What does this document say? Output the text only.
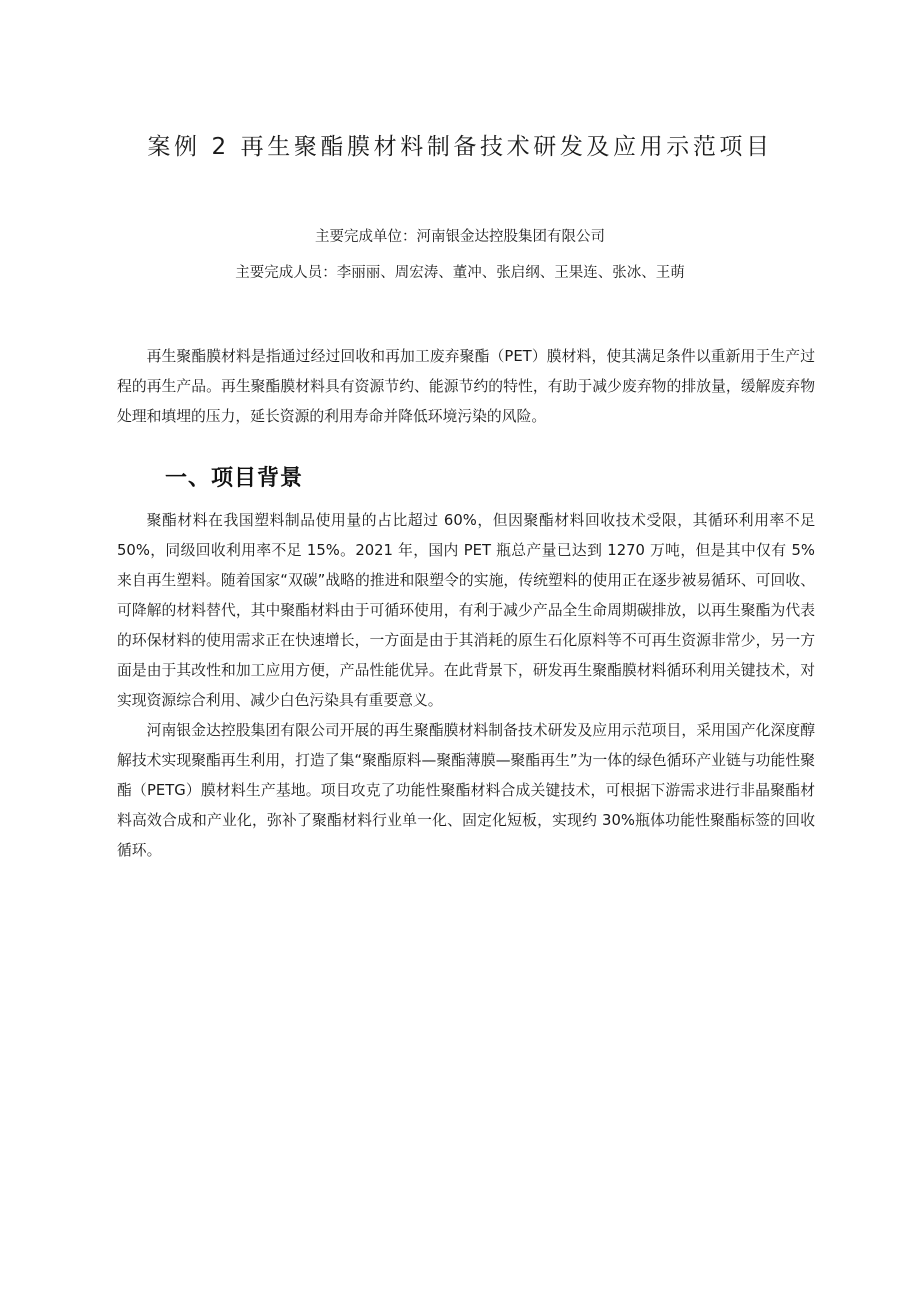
案例 2 再生聚酯膜材料制备技术研发及应用示范项目

主要完成单位：河南银金达控股集团有限公司

主要完成人员：李丽丽、周宏涛、董冲、张启纲、王果连、张冰、王萌

再生聚酯膜材料是指通过经过回收和再加工废弃聚酯（PET）膜材料，使其满足条件以重新用于生产过程的再生产品。再生聚酯膜材料具有资源节约、能源节约的特性，有助于减少废弃物的排放量，缓解废弃物处理和填埋的压力，延长资源的利用寿命并降低环境污染的风险。

一、项目背景

聚酯材料在我国塑料制品使用量的占比超过 60%，但因聚酯材料回收技术受限，其循环利用率不足 50%，同级回收利用率不足 15%。2021 年，国内 PET 瓶总产量已达到 1270 万吨，但是其中仅有 5%来自再生塑料。随着国家“双碳”战略的推进和限塑令的实施，传统塑料的使用正在逐步被易循环、可回收、可降解的材料替代，其中聚酯材料由于可循环使用，有利于减少产品全生命周期碳排放，以再生聚酯为代表的环保材料的使用需求正在快速增长，一方面是由于其消耗的原生石化原料等不可再生资源非常少，另一方面是由于其改性和加工应用方便，产品性能优异。在此背景下，研发再生聚酯膜材料循环利用关键技术，对实现资源综合利用、减少白色污染具有重要意义。

河南银金达控股集团有限公司开展的再生聚酯膜材料制备技术研发及应用示范项目，采用国产化深度醇解技术实现聚酯再生利用，打造了集“聚酯原料—聚酯薄膜—聚酯再生”为一体的绿色循环产业链与功能性聚酯（PETG）膜材料生产基地。项目攻克了功能性聚酯材料合成关键技术，可根据下游需求进行非晶聚酯材料高效合成和产业化，弥补了聚酯材料行业单一化、固定化短板，实现约 30%瓶体功能性聚酯标签的回收循环。
